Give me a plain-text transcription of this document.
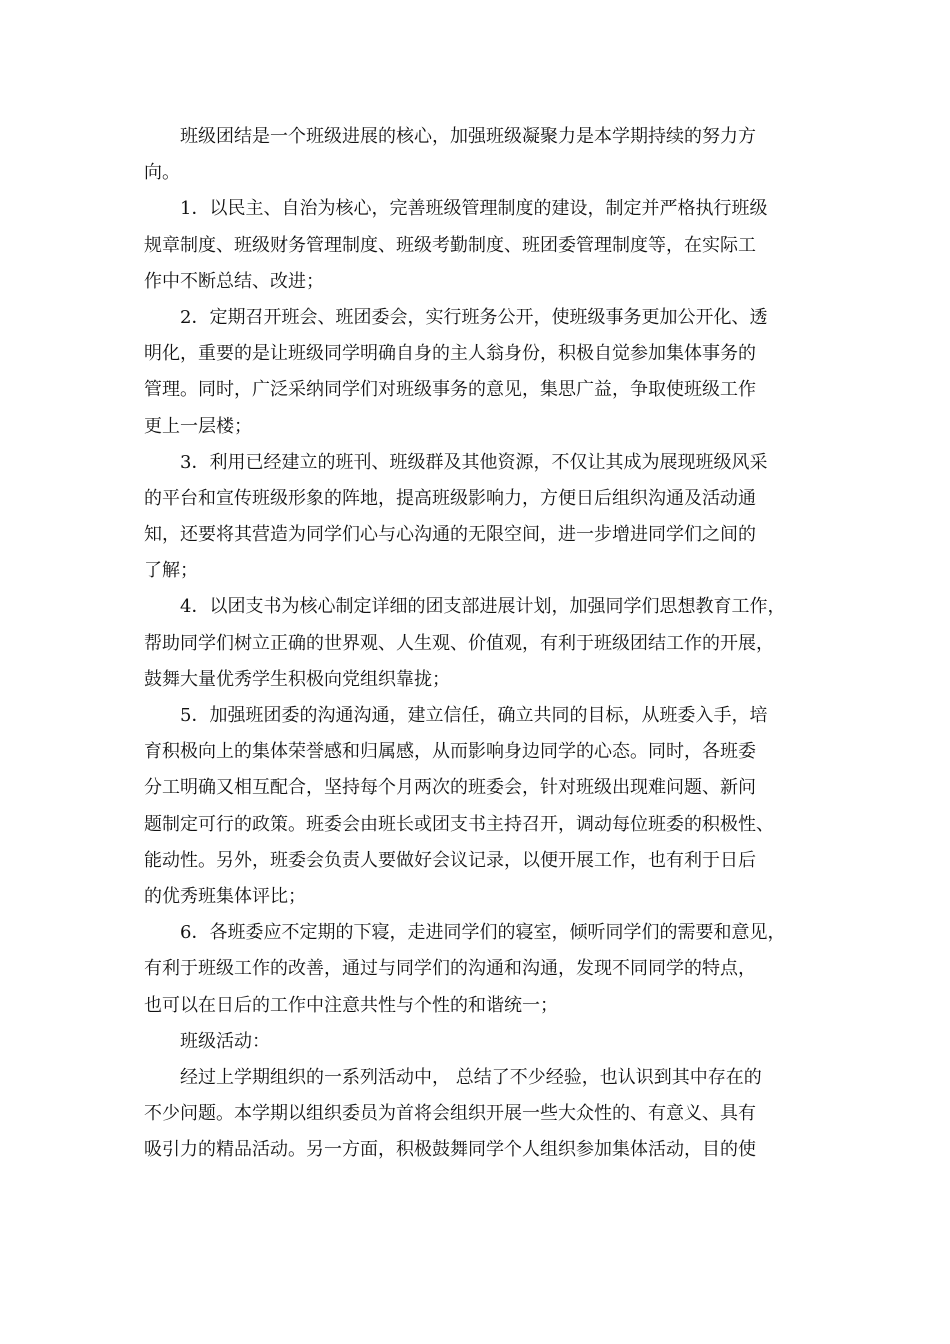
班级团结是一个班级进展的核心，加强班级凝聚力是本学期持续的努力方
向。
1．以民主、自治为核心，完善班级管理制度的建设，制定并严格执行班级
规章制度、班级财务管理制度、班级考勤制度、班团委管理制度等，在实际工
作中不断总结、改进；
2．定期召开班会、班团委会，实行班务公开，使班级事务更加公开化、透
明化，重要的是让班级同学明确自身的主人翁身份，积极自觉参加集体事务的
管理。同时，广泛采纳同学们对班级事务的意见，集思广益，争取使班级工作
更上一层楼；
3．利用已经建立的班刊、班级群及其他资源，不仅让其成为展现班级风采
的平台和宣传班级形象的阵地，提高班级影响力，方便日后组织沟通及活动通
知，还要将其营造为同学们心与心沟通的无限空间，进一步增进同学们之间的
了解；
4．以团支书为核心制定详细的团支部进展计划，加强同学们思想教育工作，
帮助同学们树立正确的世界观、人生观、价值观，有利于班级团结工作的开展，
鼓舞大量优秀学生积极向党组织靠拢；
5．加强班团委的沟通沟通，建立信任，确立共同的目标，从班委入手，培
育积极向上的集体荣誉感和归属感，从而影响身边同学的心态。同时，各班委
分工明确又相互配合，坚持每个月两次的班委会，针对班级出现难问题、新问
题制定可行的政策。班委会由班长或团支书主持召开，调动每位班委的积极性、
能动性。另外，班委会负责人要做好会议记录，以便开展工作，也有利于日后
的优秀班集体评比；
6．各班委应不定期的下寝，走进同学们的寝室，倾听同学们的需要和意见，
有利于班级工作的改善，通过与同学们的沟通和沟通，发现不同同学的特点，
也可以在日后的工作中注意共性与个性的和谐统一；
班级活动：
经过上学期组织的一系列活动中， 总结了不少经验，也认识到其中存在的
不少问题。本学期以组织委员为首将会组织开展一些大众性的、有意义、具有
吸引力的精品活动。另一方面，积极鼓舞同学个人组织参加集体活动，目的使
